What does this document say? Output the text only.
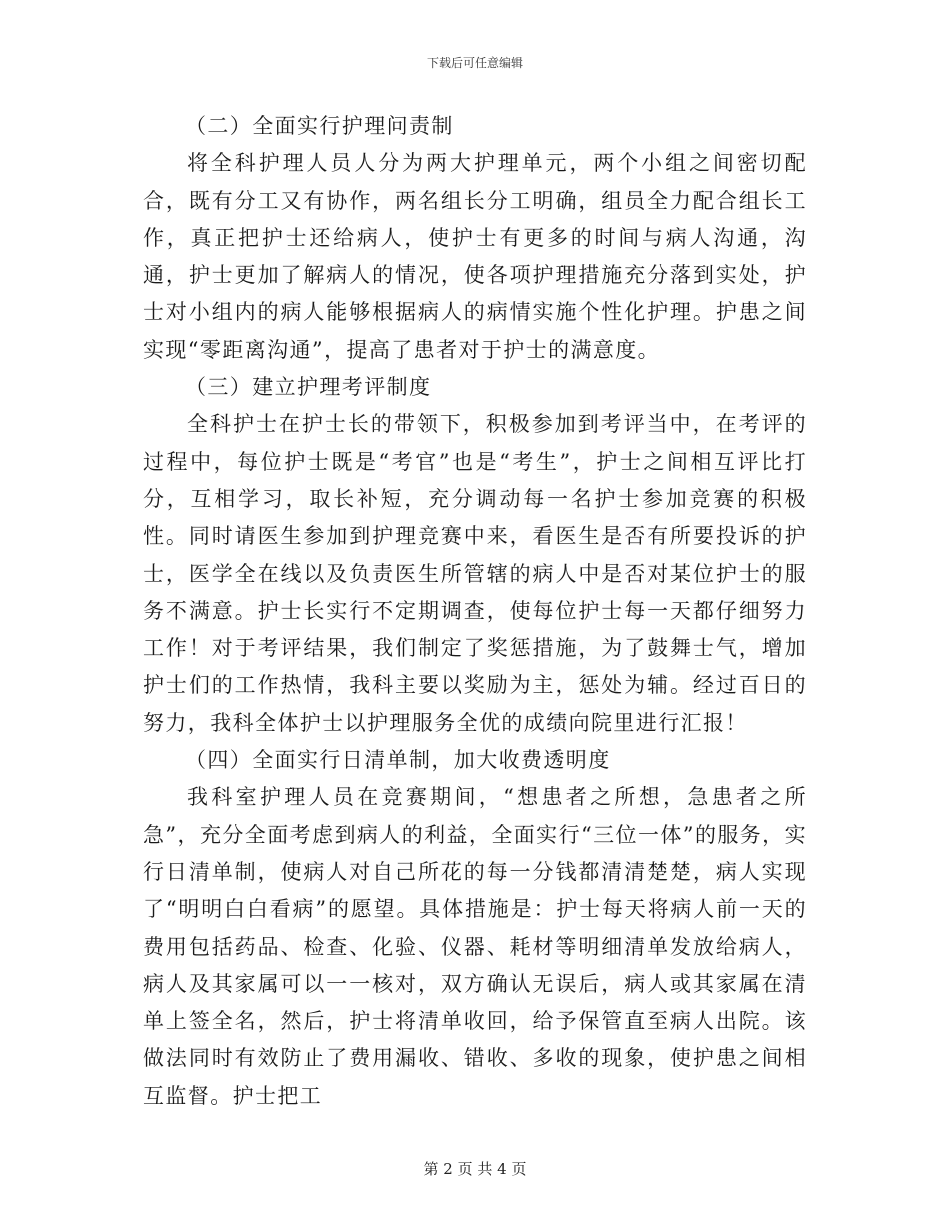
下载后可任意编辑

（二）全面实行护理问责制

将全科护理人员人分为两大护理单元，两个小组之间密切配合，既有分工又有协作，两名组长分工明确，组员全力配合组长工作，真正把护士还给病人，使护士有更多的时间与病人沟通，沟通，护士更加了解病人的情况，使各项护理措施充分落到实处，护士对小组内的病人能够根据病人的病情实施个性化护理。护患之间实现“零距离沟通”，提高了患者对于护士的满意度。

（三）建立护理考评制度

全科护士在护士长的带领下，积极参加到考评当中，在考评的过程中，每位护士既是“考官”也是“考生”，护士之间相互评比打分，互相学习，取长补短，充分调动每一名护士参加竞赛的积极性。同时请医生参加到护理竞赛中来，看医生是否有所要投诉的护士，医学全在线以及负责医生所管辖的病人中是否对某位护士的服务不满意。护士长实行不定期调查，使每位护士每一天都仔细努力工作！对于考评结果，我们制定了奖惩措施，为了鼓舞士气，增加护士们的工作热情，我科主要以奖励为主，惩处为辅。经过百日的努力，我科全体护士以护理服务全优的成绩向院里进行汇报！

（四）全面实行日清单制，加大收费透明度

我科室护理人员在竞赛期间，“想患者之所想，急患者之所急”，充分全面考虑到病人的利益，全面实行“三位一体”的服务，实行日清单制，使病人对自己所花的每一分钱都清清楚楚，病人实现了“明明白白看病”的愿望。具体措施是：护士每天将病人前一天的费用包括药品、检查、化验、仪器、耗材等明细清单发放给病人，病人及其家属可以一一核对，双方确认无误后，病人或其家属在清单上签全名，然后，护士将清单收回，给予保管直至病人出院。该做法同时有效防止了费用漏收、错收、多收的现象，使护患之间相互监督。护士把工

第 2 页 共 4 页
